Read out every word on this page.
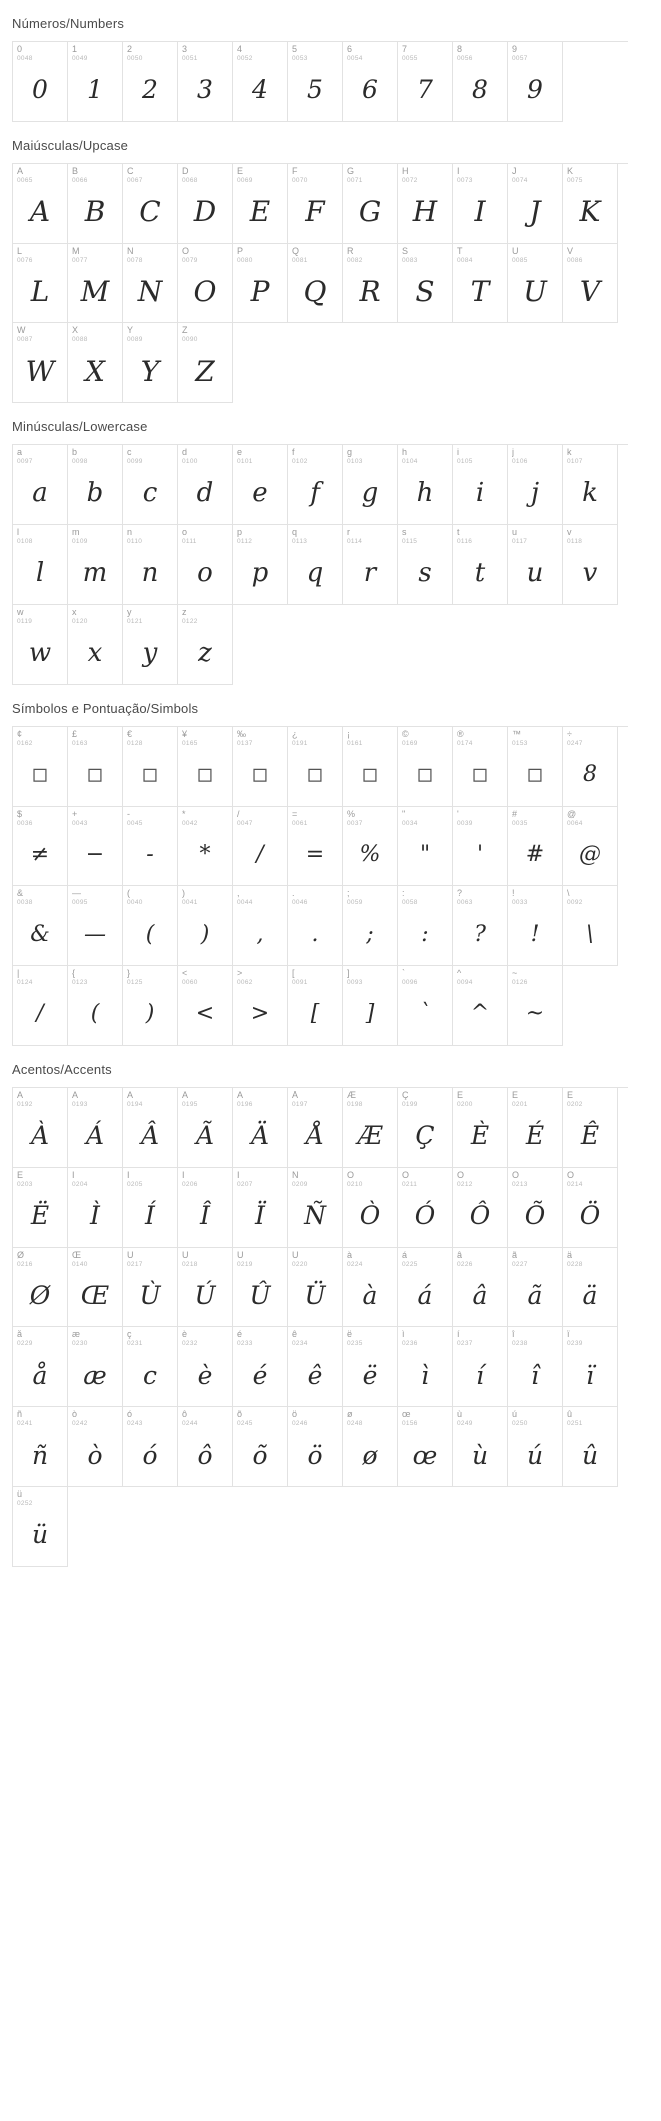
Números/Numbers
0
0048
0
1
0049
1
2
0050
2
3
0051
3
4
0052
4
5
0053
5
6
0054
6
7
0055
7
8
0056
8
9
0057
9
Maiúsculas/Upcase
A
0065
A
B
0066
B
C
0067
C
D
0068
D
E
0069
E
F
0070
F
G
0071
G
H
0072
H
I
0073
I
J
0074
J
K
0075
K
L
0076
L
M
0077
M
N
0078
N
O
0079
O
P
0080
P
Q
0081
Q
R
0082
R
S
0083
S
T
0084
T
U
0085
U
V
0086
V
W
0087
W
X
0088
X
Y
0089
Y
Z
0090
Z
Minúsculas/Lowercase
a
0097
a
b
0098
b
c
0099
c
d
0100
d
e
0101
e
f
0102
f
g
0103
g
h
0104
h
i
0105
i
j
0106
j
k
0107
k
l
0108
l
m
0109
m
n
0110
n
o
0111
o
p
0112
p
q
0113
q
r
0114
r
s
0115
s
t
0116
t
u
0117
u
v
0118
v
w
0119
w
x
0120
x
y
0121
y
z
0122
z
Símbolos e Pontuação/Simbols
¢
0162
□
£
0163
□
€
0128
□
¥
0165
□
‰
0137
□
¿
0191
□
¡
0161
□
©
0169
□
®
0174
□
™
0153
□
÷
0247
8
$
0036
≠
+
0043
−
-
0045
-
*
0042
*
/
0047
/
=
0061
=
%
0037
%
"
0034
"
'
0039
'
#
0035
#
@
0064
@
&
0038
&
—
0095
—
(
0040
(
)
0041
)
,
0044
,
.
0046
.
;
0059
;
:
0058
:
?
0063
?
!
0033
!
\
0092
\
|
0124
/
{
0123
(
}
0125
)
<
0060
<
>
0062
>
[
0091
[
]
0093
]
`
0096
`
^
0094
^
~
0126
~
Acentos/Accents
À
0192
À
Á
0193
Á
Â
0194
Â
Ã
0195
Ã
Ä
0196
Ä
Å
0197
Å
Æ
0198
Æ
Ç
0199
Ç
È
0200
È
É
0201
É
Ê
0202
Ê
Ë
0203
Ë
Ì
0204
Ì
Í
0205
Í
Î
0206
Î
Ï
0207
Ï
Ñ
0209
Ñ
Ò
0210
Ò
Ó
0211
Ó
Ô
0212
Ô
Õ
0213
Õ
Ö
0214
Ö
Ø
0216
Ø
Œ
0140
Œ
Ù
0217
Ù
Ú
0218
Ú
Û
0219
Û
Ü
0220
Ü
à
0224
à
á
0225
á
â
0226
â
ã
0227
ã
ä
0228
ä
å
0229
å
æ
0230
æ
ç
0231
c
è
0232
è
é
0233
é
ê
0234
ê
ë
0235
ë
ì
0236
ì
í
0237
í
î
0238
î
ï
0239
ï
ñ
0241
ñ
ò
0242
ò
ó
0243
ó
ô
0244
ô
õ
0245
õ
ö
0246
ö
ø
0248
ø
œ
0156
œ
ù
0249
ù
ú
0250
ú
û
0251
û
ü
0252
ü
